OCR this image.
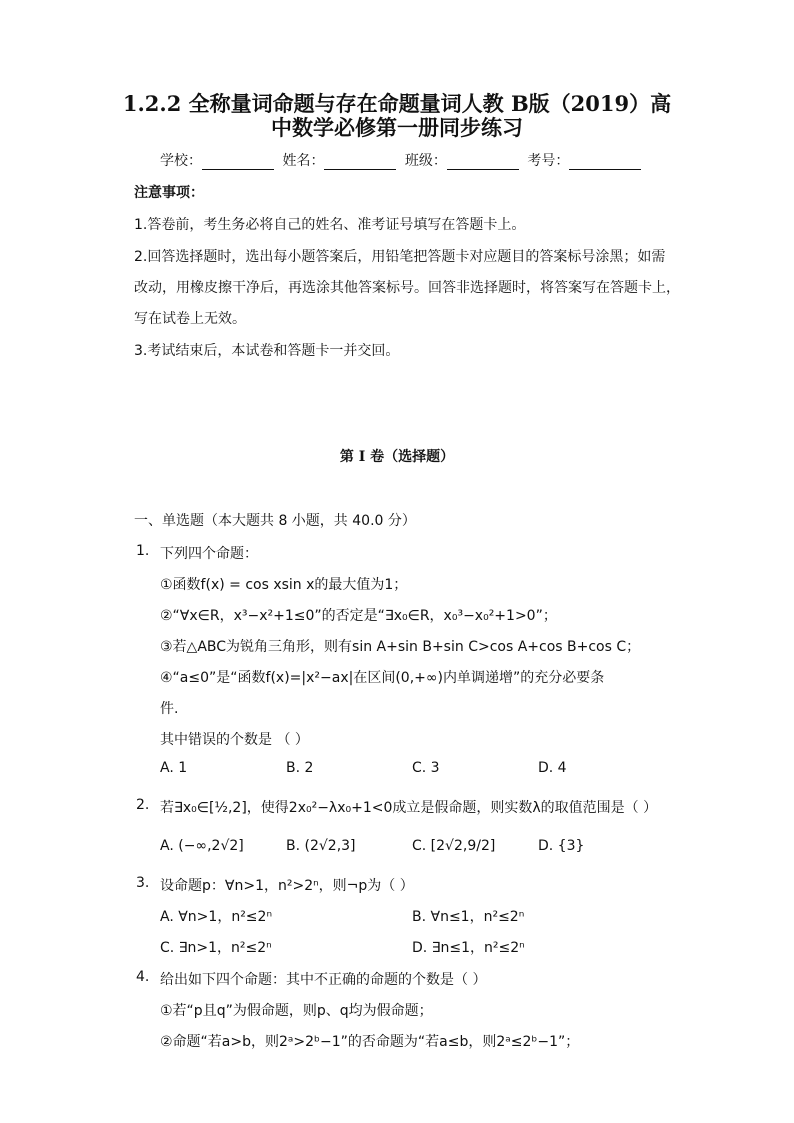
1.2.2 全称量词命题与存在命题量词人教 B版（2019）高
中数学必修第一册同步练习
学校：	姓名：	班级：	考号：
注意事项：
1.答卷前，考生务必将自己的姓名、准考证号填写在答题卡上。
2.回答选择题时，选出每小题答案后，用铅笔把答题卡对应题目的答案标号涂黑；如需
改动，用橡皮擦干净后，再选涂其他答案标号。回答非选择题时，将答案写在答题卡上，
写在试卷上无效。
3.考试结束后，本试卷和答题卡一并交回。
第 I 卷（选择题）
一、单选题（本大题共 8 小题，共 40.0 分）
1. 下列四个命题：
①函数f(x) = cos xsin x的最大值为1；
②“∀x∈R，x³−x²+1≤0”的否定是“∃x₀∈R，x₀³−x₀²+1>0”；
③若△ABC为锐角三角形，则有sin A+sin B+sin C>cos A+cos B+cos C；
④“a≤0”是“函数f(x)=|x²−ax|在区间(0,+∞)内单调递增”的充分必要条
件.
其中错误的个数是 （ ）
A. 1	B. 2	C. 3	D. 4
2. 若∃x₀∈[½,2]，使得2x₀²−λx₀+1<0成立是假命题，则实数λ的取值范围是（ ）
A. (−∞,2√2]	B. (2√2,3]	C. [2√2,9/2]	D. {3}
3. 设命题p：∀n>1，n²>2ⁿ，则¬p为（ ）
A. ∀n>1，n²≤2ⁿ	B. ∀n≤1，n²≤2ⁿ
C. ∃n>1，n²≤2ⁿ	D. ∃n≤1，n²≤2ⁿ
4. 给出如下四个命题：其中不正确的命题的个数是（ ）
①若“p且q”为假命题，则p、q均为假命题；
②命题“若a>b，则2ᵃ>2ᵇ−1”的否命题为“若a≤b，则2ᵃ≤2ᵇ−1”；
